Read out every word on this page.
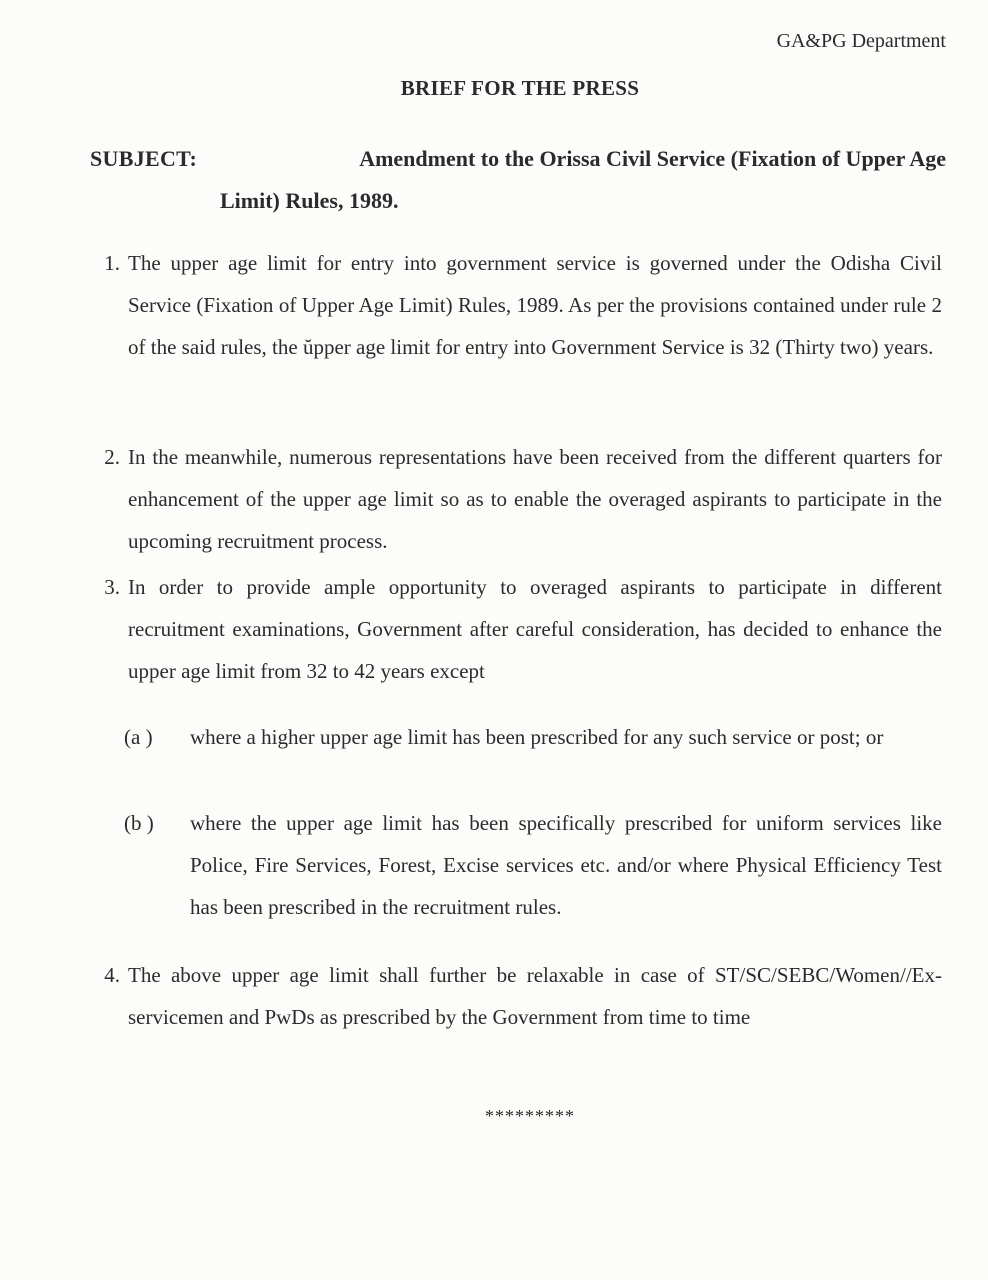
GA&PG Department
BRIEF FOR THE PRESS
SUBJECT:	Amendment to the Orissa Civil Service (Fixation of Upper Age
Limit) Rules, 1989.
1. The upper age limit for entry into government service is governed under the Odisha Civil Service (Fixation of Upper Age Limit) Rules, 1989. As per the provisions contained under rule 2 of the said rules, the ŭpper age limit for entry into Government Service is 32 (Thirty two) years.
2. In the meanwhile, numerous representations have been received from the different quarters for enhancement of the upper age limit so as to enable the overaged aspirants to participate in the upcoming recruitment process.
3. In order to provide ample opportunity to overaged aspirants to participate in different recruitment examinations, Government after careful consideration, has decided to enhance the upper age limit from 32 to 42 years except
(a )	where a higher upper age limit has been prescribed for any such service or post; or
(b )	where the upper age limit has been specifically prescribed for uniform services like Police, Fire Services, Forest, Excise services etc. and/or where Physical Efficiency Test has been prescribed in the recruitment rules.
4. The above upper age limit shall further be relaxable in case of ST/SC/SEBC/Women//Ex-servicemen and PwDs as prescribed by the Government from time to time
*********
